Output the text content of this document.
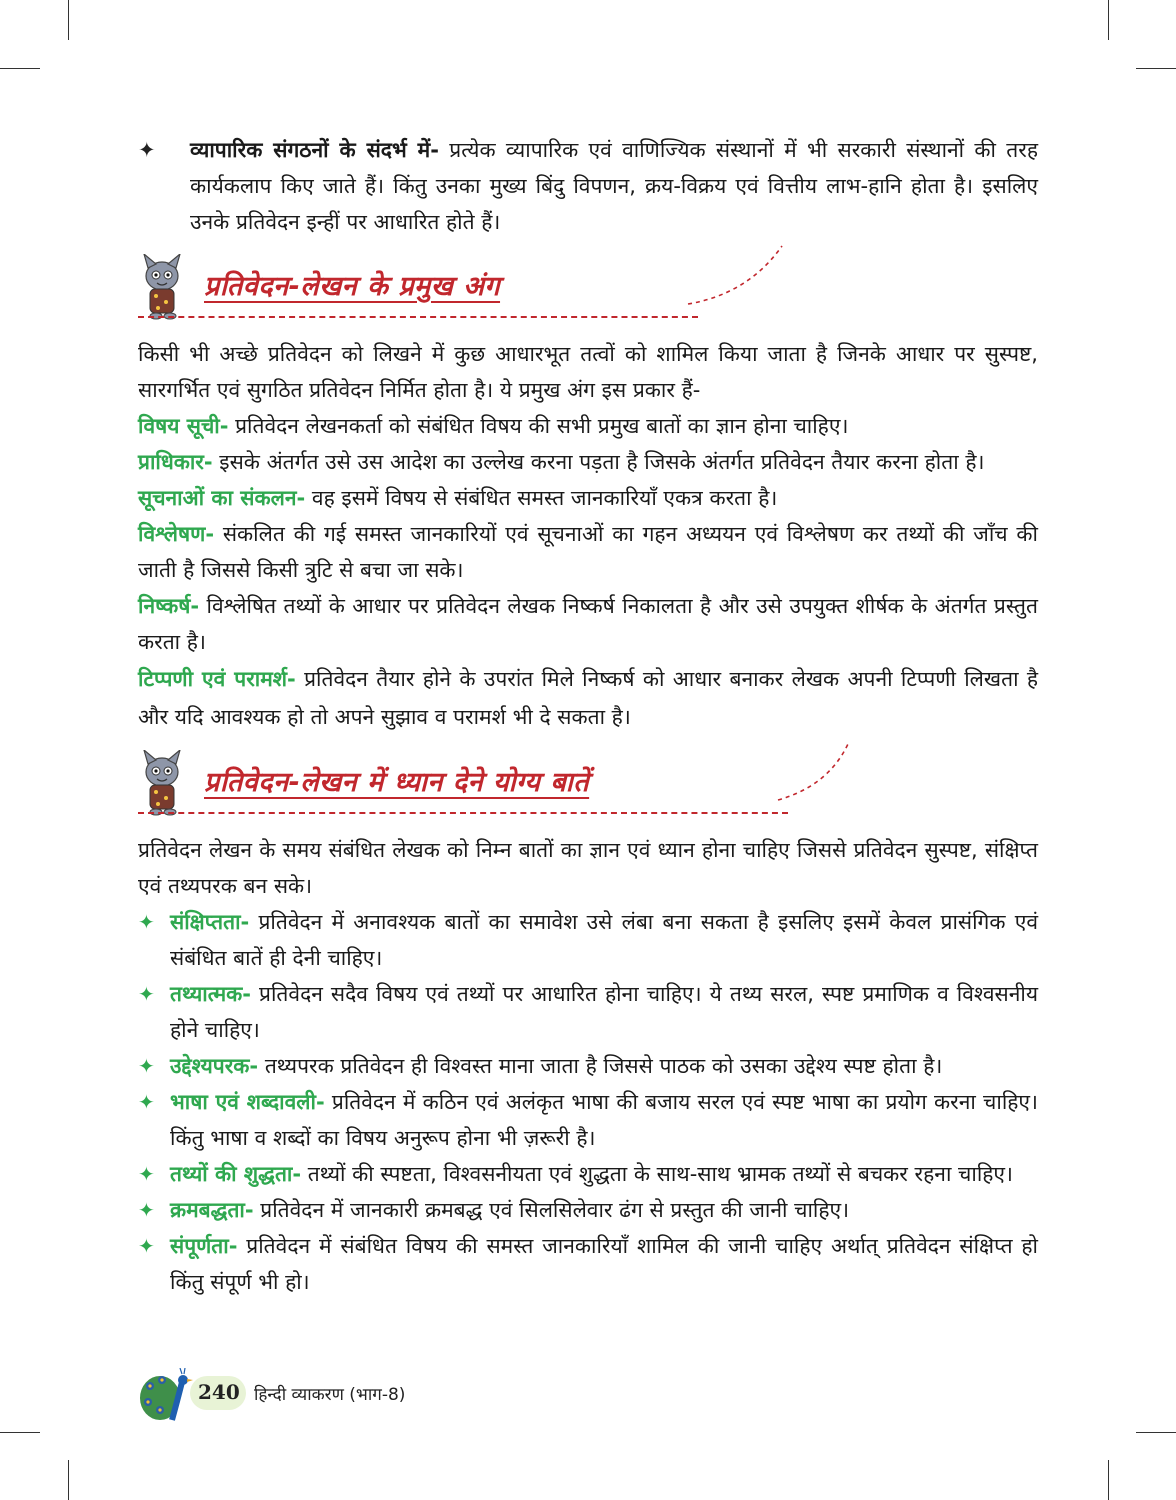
✦ व्यापारिक संगठनों के संदर्भ में- प्रत्येक व्यापारिक एवं वाणिज्यिक संस्थानों में भी सरकारी संस्थानों की तरह कार्यकलाप किए जाते हैं। किंतु उनका मुख्य बिंदु विपणन, क्रय-विक्रय एवं वित्तीय लाभ-हानि होता है। इसलिए उनके प्रतिवेदन इन्हीं पर आधारित होते हैं।

प्रतिवेदन-लेखन के प्रमुख अंग

किसी भी अच्छे प्रतिवेदन को लिखने में कुछ आधारभूत तत्वों को शामिल किया जाता है जिनके आधार पर सुस्पष्ट, सारगर्भित एवं सुगठित प्रतिवेदन निर्मित होता है। ये प्रमुख अंग इस प्रकार हैं-

विषय सूची- प्रतिवेदन लेखनकर्ता को संबंधित विषय की सभी प्रमुख बातों का ज्ञान होना चाहिए।

प्राधिकार- इसके अंतर्गत उसे उस आदेश का उल्लेख करना पड़ता है जिसके अंतर्गत प्रतिवेदन तैयार करना होता है।

सूचनाओं का संकलन- वह इसमें विषय से संबंधित समस्त जानकारियाँ एकत्र करता है।

विश्लेषण- संकलित की गई समस्त जानकारियों एवं सूचनाओं का गहन अध्ययन एवं विश्लेषण कर तथ्यों की जाँच की जाती है जिससे किसी त्रुटि से बचा जा सके।

निष्कर्ष- विश्लेषित तथ्यों के आधार पर प्रतिवेदन लेखक निष्कर्ष निकालता है और उसे उपयुक्त शीर्षक के अंतर्गत प्रस्तुत करता है।

टिप्पणी एवं परामर्श- प्रतिवेदन तैयार होने के उपरांत मिले निष्कर्ष को आधार बनाकर लेखक अपनी टिप्पणी लिखता है और यदि आवश्यक हो तो अपने सुझाव व परामर्श भी दे सकता है।

प्रतिवेदन-लेखन में ध्यान देने योग्य बातें

प्रतिवेदन लेखन के समय संबंधित लेखक को निम्न बातों का ज्ञान एवं ध्यान होना चाहिए जिससे प्रतिवेदन सुस्पष्ट, संक्षिप्त एवं तथ्यपरक बन सके।

✦ संक्षिप्तता- प्रतिवेदन में अनावश्यक बातों का समावेश उसे लंबा बना सकता है इसलिए इसमें केवल प्रासंगिक एवं संबंधित बातें ही देनी चाहिए।

✦ तथ्यात्मक- प्रतिवेदन सदैव विषय एवं तथ्यों पर आधारित होना चाहिए। ये तथ्य सरल, स्पष्ट प्रमाणिक व विश्वसनीय होने चाहिए।

✦ उद्देश्यपरक- तथ्यपरक प्रतिवेदन ही विश्वस्त माना जाता है जिससे पाठक को उसका उद्देश्य स्पष्ट होता है।

✦ भाषा एवं शब्दावली- प्रतिवेदन में कठिन एवं अलंकृत भाषा की बजाय सरल एवं स्पष्ट भाषा का प्रयोग करना चाहिए। किंतु भाषा व शब्दों का विषय अनुरूप होना भी ज़रूरी है।

✦ तथ्यों की शुद्धता- तथ्यों की स्पष्टता, विश्वसनीयता एवं शुद्धता के साथ-साथ भ्रामक तथ्यों से बचकर रहना चाहिए।

✦ क्रमबद्धता- प्रतिवेदन में जानकारी क्रमबद्ध एवं सिलसिलेवार ढंग से प्रस्तुत की जानी चाहिए।

✦ संपूर्णता- प्रतिवेदन में संबंधित विषय की समस्त जानकारियाँ शामिल की जानी चाहिए अर्थात् प्रतिवेदन संक्षिप्त हो किंतु संपूर्ण भी हो।

240 हिन्दी व्याकरण (भाग-8)
